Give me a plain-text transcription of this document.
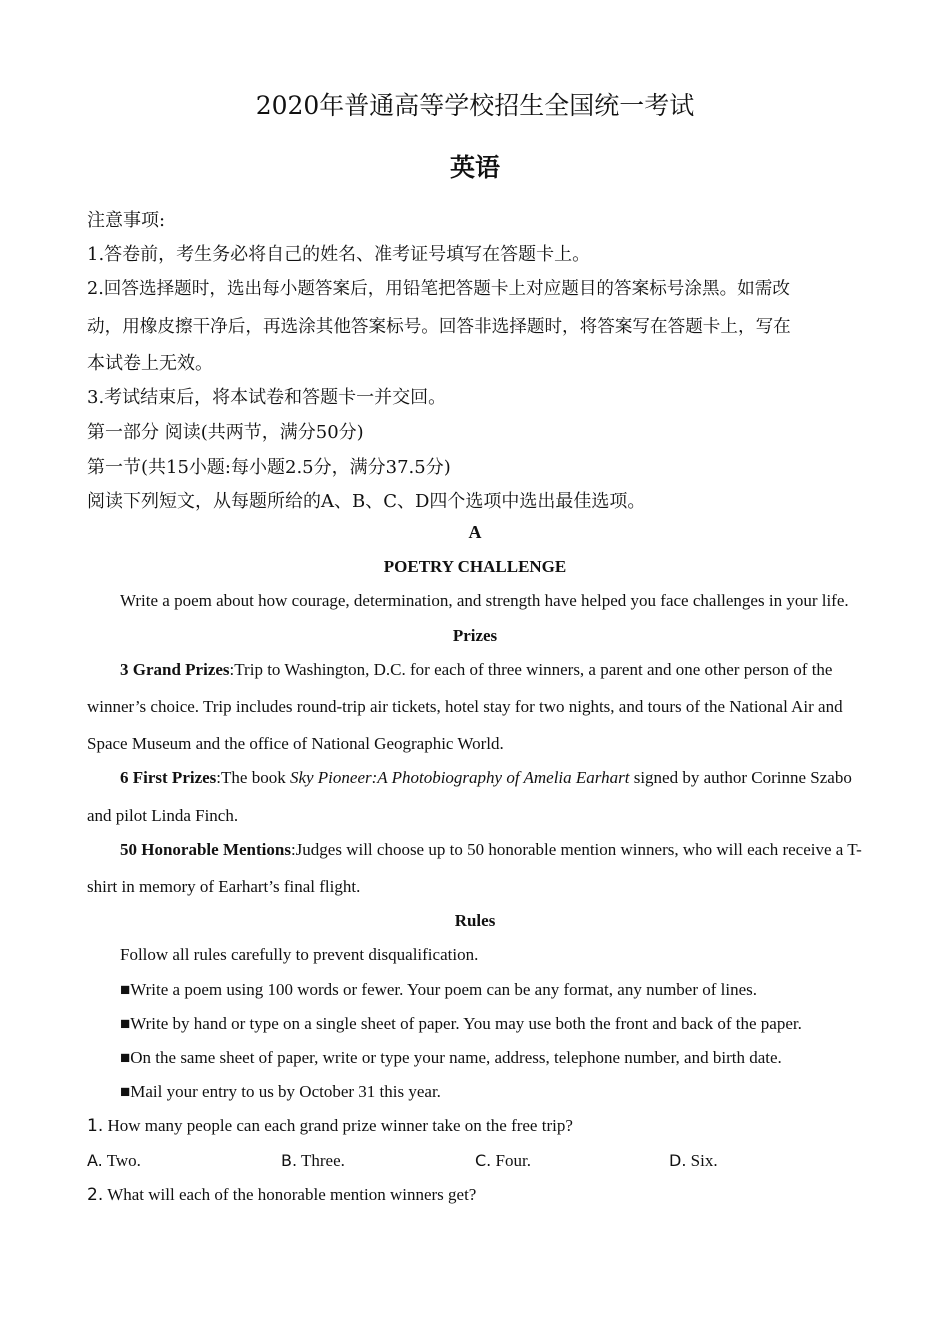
2020年普通高等学校招生全国统一考试
英语
注意事项:
1.答卷前，考生务必将自己的姓名、准考证号填写在答题卡上。
2.回答选择题时，选出每小题答案后，用铅笔把答题卡上对应题目的答案标号涂黑。如需改
动，用橡皮擦干净后，再选涂其他答案标号。回答非选择题时，将答案写在答题卡上，写在
本试卷上无效。
3.考试结束后，将本试卷和答题卡一并交回。
第一部分 阅读(共两节，满分50分)
第一节(共15小题:每小题2.5分，满分37.5分)
阅读下列短文，从每题所给的A、B、C、D四个选项中选出最佳选项。
A
POETRY CHALLENGE
Write a poem about how courage, determination, and strength have helped you face challenges in your life.
Prizes
3 Grand Prizes:Trip to Washington, D.C. for each of three winners, a parent and one other person of the
winner’s choice. Trip includes round-trip air tickets, hotel stay for two nights, and tours of the National Air and
Space Museum and the office of National Geographic World.
6 First Prizes:The book Sky Pioneer:A Photobiography of Amelia Earhart signed by author Corinne Szabo
and pilot Linda Finch.
50 Honorable Mentions:Judges will choose up to 50 honorable mention winners, who will each receive a T-
shirt in memory of Earhart’s final flight.
Rules
Follow all rules carefully to prevent disqualification.
■Write a poem using 100 words or fewer. Your poem can be any format, any number of lines.
■Write by hand or type on a single sheet of paper. You may use both the front and back of the paper.
■On the same sheet of paper, write or type your name, address, telephone number, and birth date.
■Mail your entry to us by October 31 this year.
1. How many people can each grand prize winner take on the free trip?
A. Two.	B. Three.	C. Four.	D. Six.
2. What will each of the honorable mention winners get?
